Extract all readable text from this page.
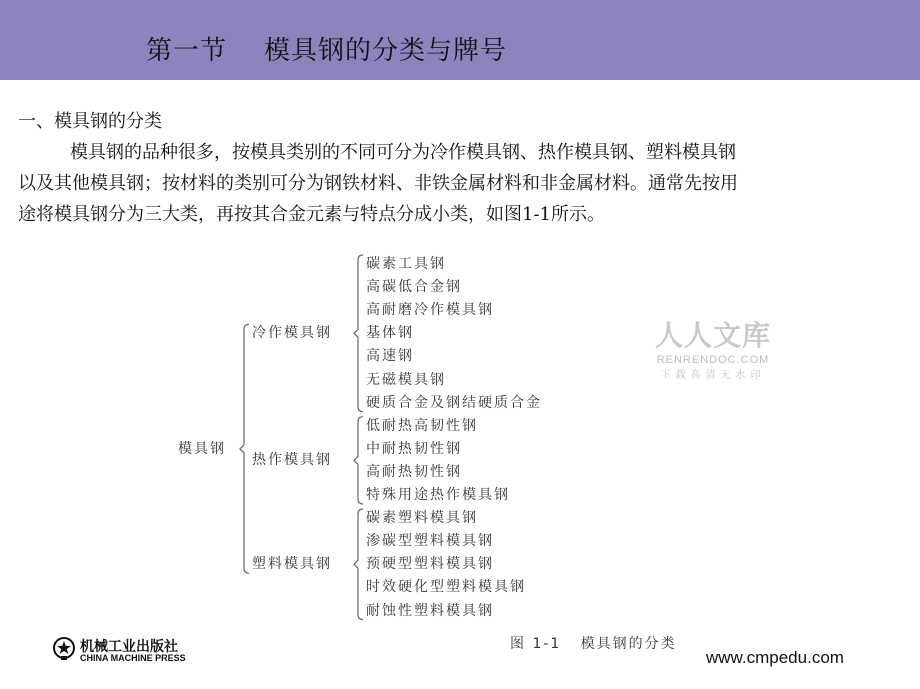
第一节    模具钢的分类与牌号
一、模具钢的分类
模具钢的品种很多，按模具类别的不同可分为冷作模具钢、热作模具钢、塑料模具钢
以及其他模具钢；按材料的类别可分为钢铁材料、非铁金属材料和非金属材料。通常先按用
途将模具钢分为三大类，再按其合金元素与特点分成小类，如图1-1所示。
模具钢
碳素工具钢
高碳低合金钢
高耐磨冷作模具钢
基体钢
高速钢
无磁模具钢
硬质合金及钢结硬质合金
冷作模具钢
低耐热高韧性钢
中耐热韧性钢
高耐热韧性钢
特殊用途热作模具钢
热作模具钢
碳素塑料模具钢
渗碳型塑料模具钢
预硬型塑料模具钢
时效硬化型塑料模具钢
耐蚀性塑料模具钢
塑料模具钢
图 1-1   模具钢的分类
人人文库
RENRENDOC.COM
下载高清无水印
机械工业出版社
CHINA MACHINE PRESS	www.cmpedu.com
